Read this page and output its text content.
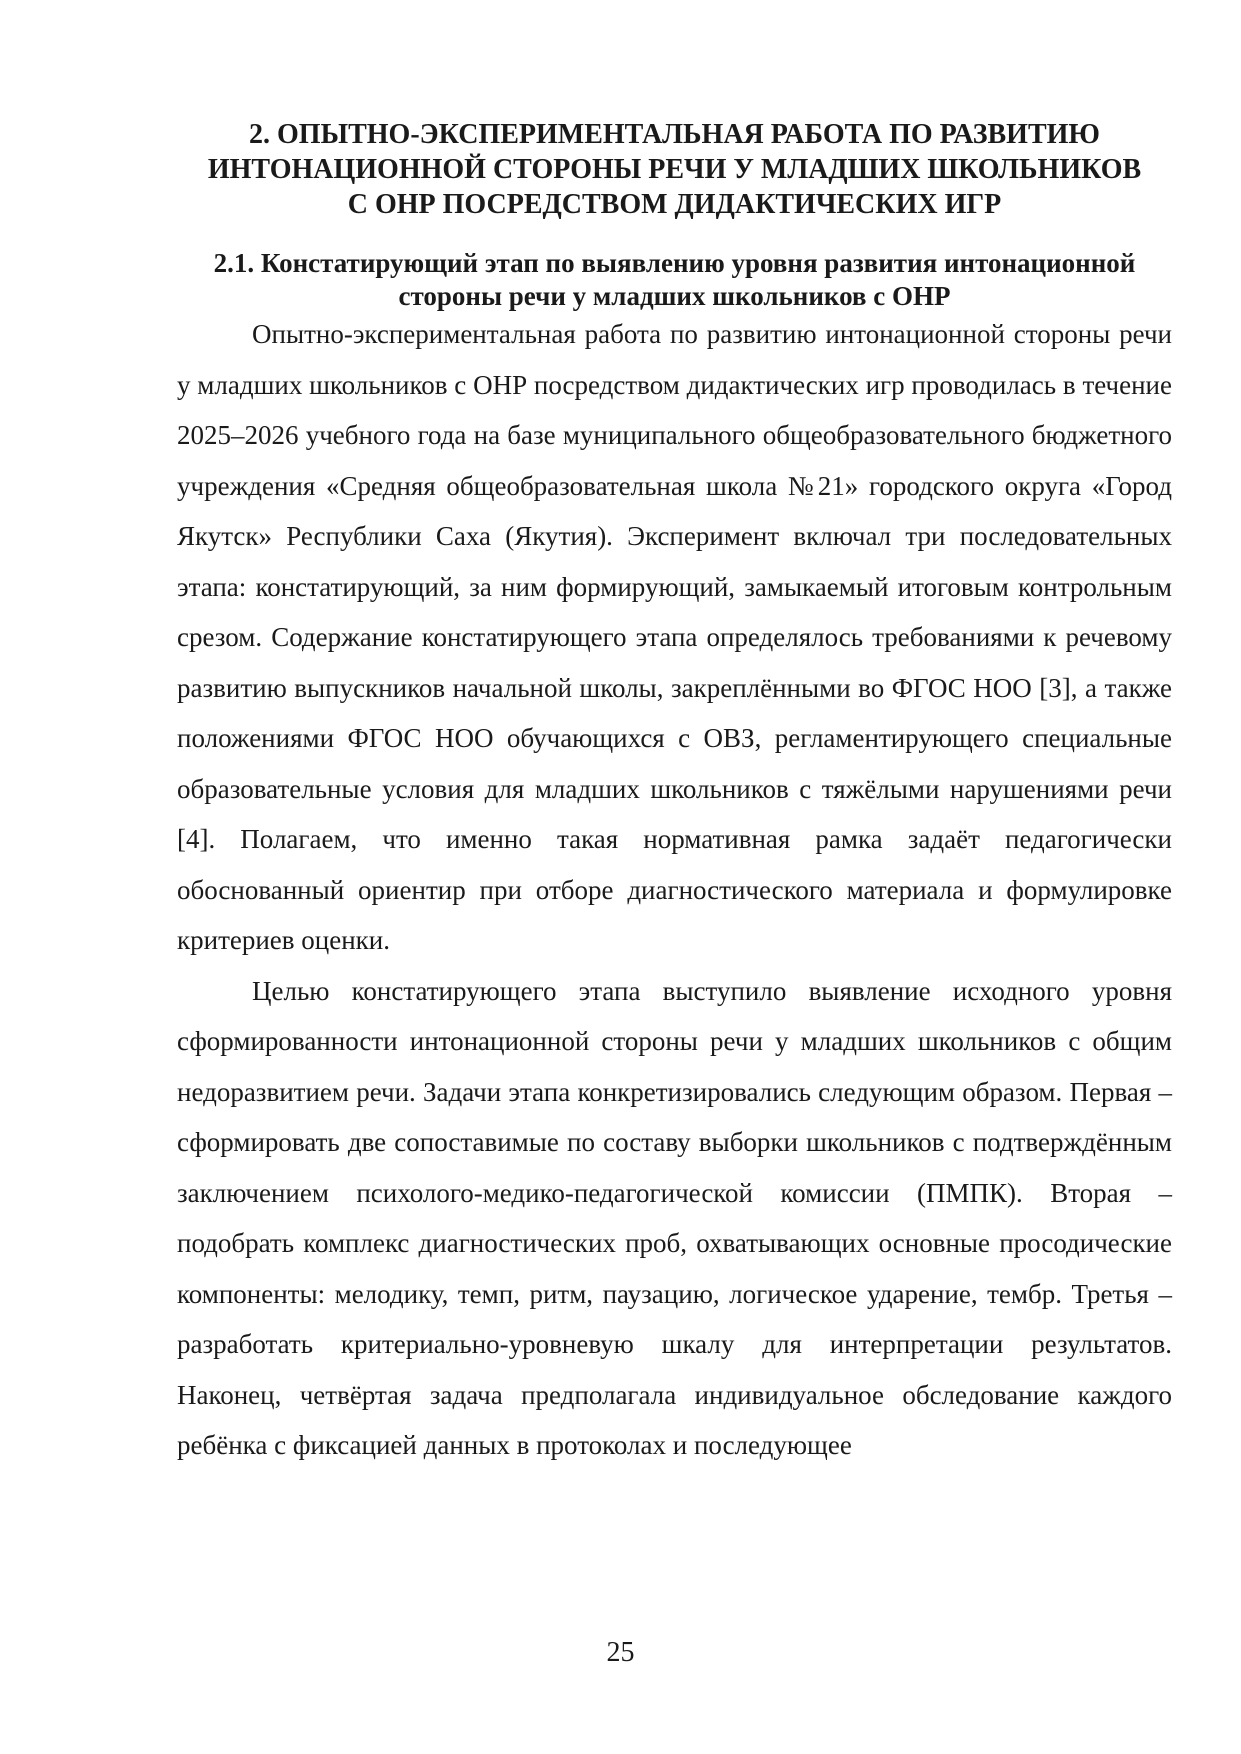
2. ОПЫТНО-ЭКСПЕРИМЕНТАЛЬНАЯ РАБОТА ПО РАЗВИТИЮ
ИНТОНАЦИОННОЙ СТОРОНЫ РЕЧИ У МЛАДШИХ ШКОЛЬНИКОВ
С ОНР ПОСРЕДСТВОМ ДИДАКТИЧЕСКИХ ИГР
2.1. Констатирующий этап по выявлению уровня развития интонационной
стороны речи у младших школьников с ОНР

Опытно-экспериментальная работа по развитию интонационной стороны речи у младших школьников с ОНР посредством дидактических игр проводилась в течение 2025–2026 учебного года на базе муниципального общеобразовательного бюджетного учреждения «Средняя общеобразовательная школа №21» городского округа «Город Якутск» Республики Саха (Якутия). Эксперимент включал три последовательных этапа: констатирующий, за ним формирующий, замыкаемый итоговым контрольным срезом. Содержание констатирующего этапа определялось требованиями к речевому развитию выпускников начальной школы, закреплёнными во ФГОС НОО [3], а также положениями ФГОС НОО обучающихся с ОВЗ, регламентирующего специальные образовательные условия для младших школьников с тяжёлыми нарушениями речи [4]. Полагаем, что именно такая нормативная рамка задаёт педагогически обоснованный ориентир при отборе диагностического материала и формулировке критериев оценки.

Целью констатирующего этапа выступило выявление исходного уровня сформированности интонационной стороны речи у младших школьников с общим недоразвитием речи. Задачи этапа конкретизировались следующим образом. Первая – сформировать две сопоставимые по составу выборки школьников с подтверждённым заключением психолого-медико-педагогической комиссии (ПМПК). Вторая – подобрать комплекс диагностических проб, охватывающих основные просодические компоненты: мелодику, темп, ритм, паузацию, логическое ударение, тембр. Третья – разработать критериально-уровневую шкалу для интерпретации результатов. Наконец, четвёртая задача предполагала индивидуальное обследование каждого ребёнка с фиксацией данных в протоколах и последующее

25
